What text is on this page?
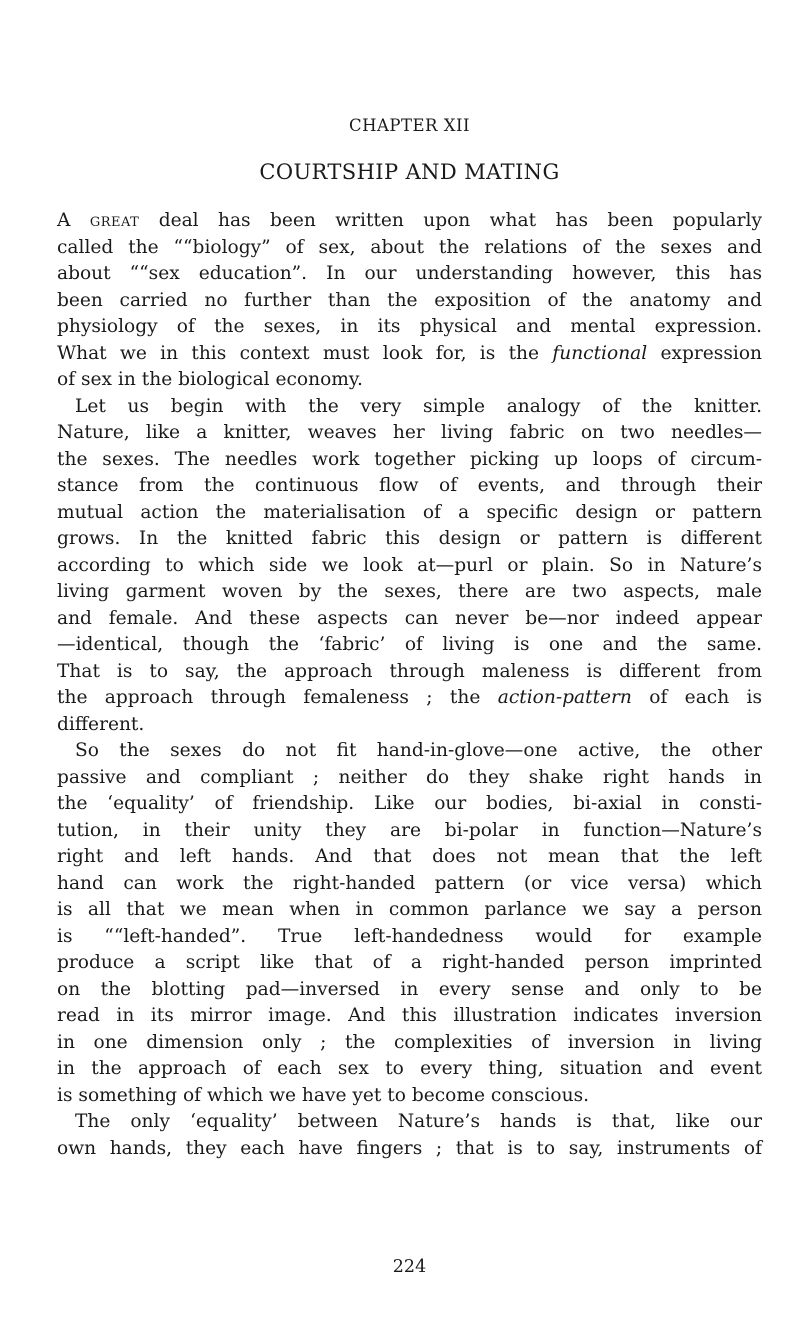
CHAPTER XII
COURTSHIP AND MATING
A great deal has been written upon what has been popularly
called the ““biology” of sex, about the relations of the sexes and
about ““sex education”. In our understanding however, this has
been carried no further than the exposition of the anatomy and
physiology of the sexes, in its physical and mental expression.
What we in this context must look for, is the functional expression
of sex in the biological economy.
Let us begin with the very simple analogy of the knitter.
Nature, like a knitter, weaves her living fabric on two needles—
the sexes. The needles work together picking up loops of circum-
stance from the continuous flow of events, and through their
mutual action the materialisation of a specific design or pattern
grows. In the knitted fabric this design or pattern is different
according to which side we look at—purl or plain. So in Nature’s
living garment woven by the sexes, there are two aspects, male
and female. And these aspects can never be—nor indeed appear
—identical, though the ‘fabric’ of living is one and the same.
That is to say, the approach through maleness is different from
the approach through femaleness ; the action-pattern of each is
different.
So the sexes do not fit hand-in-glove—one active, the other
passive and compliant ; neither do they shake right hands in
the ‘equality’ of friendship. Like our bodies, bi-axial in consti-
tution, in their unity they are bi-polar in function—Nature’s
right and left hands. And that does not mean that the left
hand can work the right-handed pattern (or vice versa) which
is all that we mean when in common parlance we say a person
is ““left-handed”. True left-handedness would for example
produce a script like that of a right-handed person imprinted
on the blotting pad—inversed in every sense and only to be
read in its mirror image. And this illustration indicates inversion
in one dimension only ; the complexities of inversion in living
in the approach of each sex to every thing, situation and event
is something of which we have yet to become conscious.
The only ‘equality’ between Nature’s hands is that, like our
own hands, they each have fingers ; that is to say, instruments of
224
